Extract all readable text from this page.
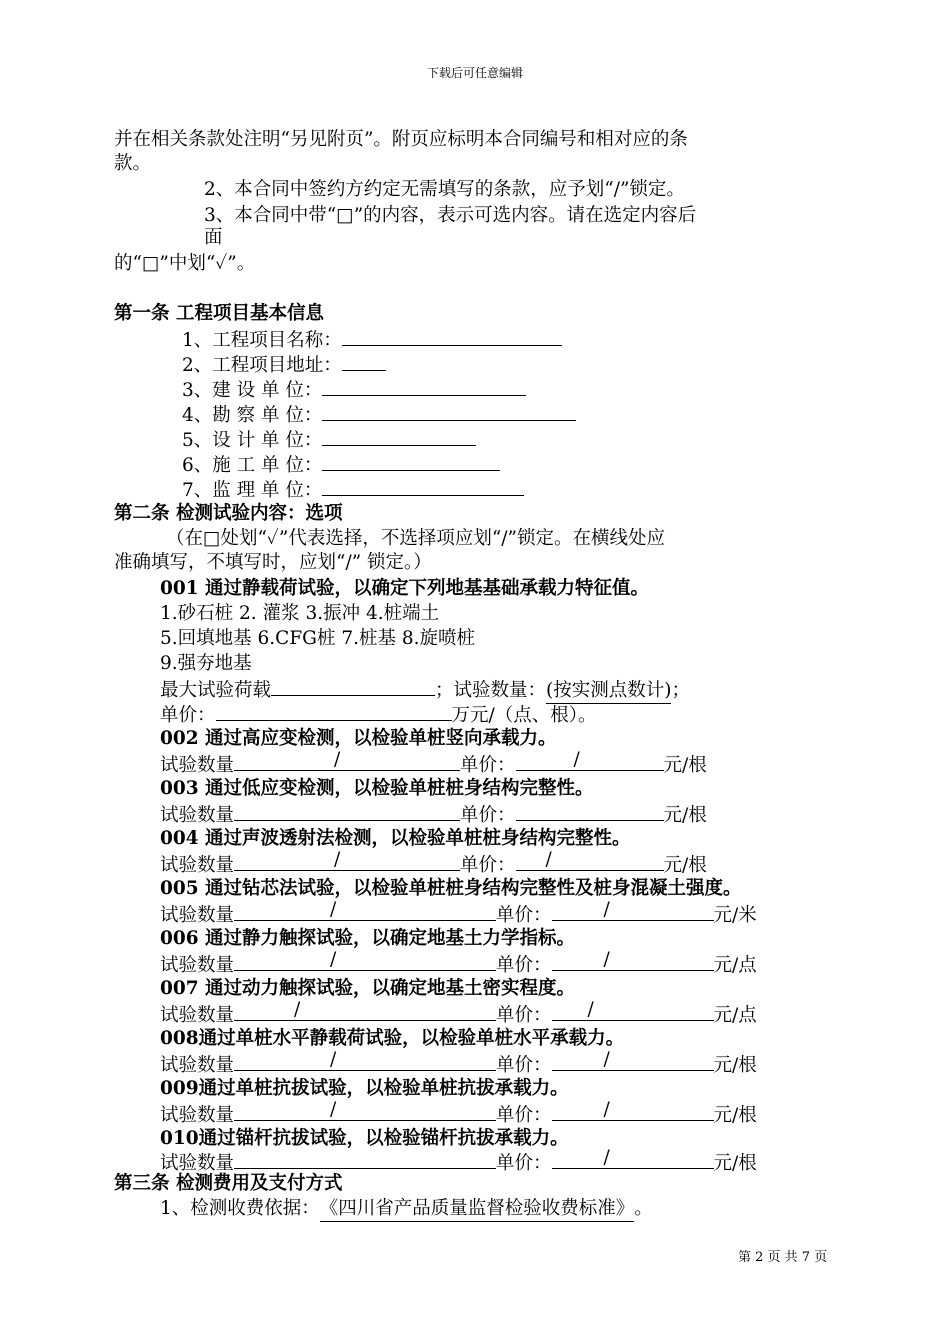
下载后可任意编辑
并在相关条款处注明“另见附页”。附页应标明本合同编号和相对应的条
款。
2、本合同中签约方约定无需填写的条款，应予划“/”锁定。
3、本合同中带“□”的内容，表示可选内容。请在选定内容后
面
的“□”中划“✓”。
第一条 工程项目基本信息
1、工程项目名称：
2、工程项目地址：
3、建 设 单 位：
4、勘 察 单 位：
5、设 计 单 位：
6、施 工 单 位：
7、监 理 单 位：
第二条 检测试验内容：选项
（在□处划“✓”代表选择，不选择项应划“/”锁定。在横线处应
准确填写，不填写时，应划“/” 锁定。）
001 通过静载荷试验，以确定下列地基基础承载力特征值。
1.砂石桩 2. 灌浆 3.振冲 4.桩端土
5.回填地基 6.CFG桩 7.桩基 8.旋喷桩
9.强夯地基
最大试验荷载	；试验数量：(按实测点数计)；
单价：	万元/（点、根）。
002 通过高应变检测，以检验单桩竖向承载力。
试验数量	/	单价：	/	元/根
003 通过低应变检测，以检验单桩桩身结构完整性。
试验数量	单价：	元/根
004 通过声波透射法检测，以检验单桩桩身结构完整性。
试验数量	/	单价： /	元/根
005 通过钻芯法试验，以检验单桩桩身结构完整性及桩身混凝土强度。
试验数量	/	单价：	/	元/米
006 通过静力触探试验，以确定地基土力学指标。
试验数量	/	单价：	/	元/点
007 通过动力触探试验，以确定地基土密实程度。
试验数量	/	单价： /	元/点
008通过单桩水平静载荷试验，以检验单桩水平承载力。
试验数量	/	单价：	/	元/根
009通过单桩抗拔试验，以检验单桩抗拔承载力。
试验数量	/	单价：	/	元/根
010通过锚杆抗拔试验，以检验锚杆抗拔承载力。
试验数量	单价：	/	元/根
第三条 检测费用及支付方式
1、检测收费依据：《四川省产品质量监督检验收费标准》。
第 2 页 共 7 页
